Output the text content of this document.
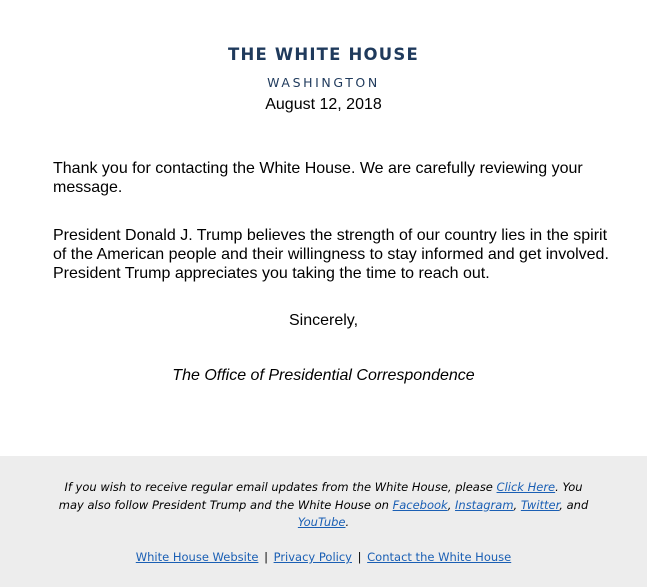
THE WHITE HOUSE
WASHINGTON
August 12, 2018
Thank you for contacting the White House. We are carefully reviewing your message.
President Donald J. Trump believes the strength of our country lies in the spirit of the American people and their willingness to stay informed and get involved. President Trump appreciates you taking the time to reach out.
Sincerely,
The Office of Presidential Correspondence
If you wish to receive regular email updates from the White House, please Click Here. You may also follow President Trump and the White House on Facebook, Instagram, Twitter, and YouTube.
White House Website | Privacy Policy | Contact the White House
